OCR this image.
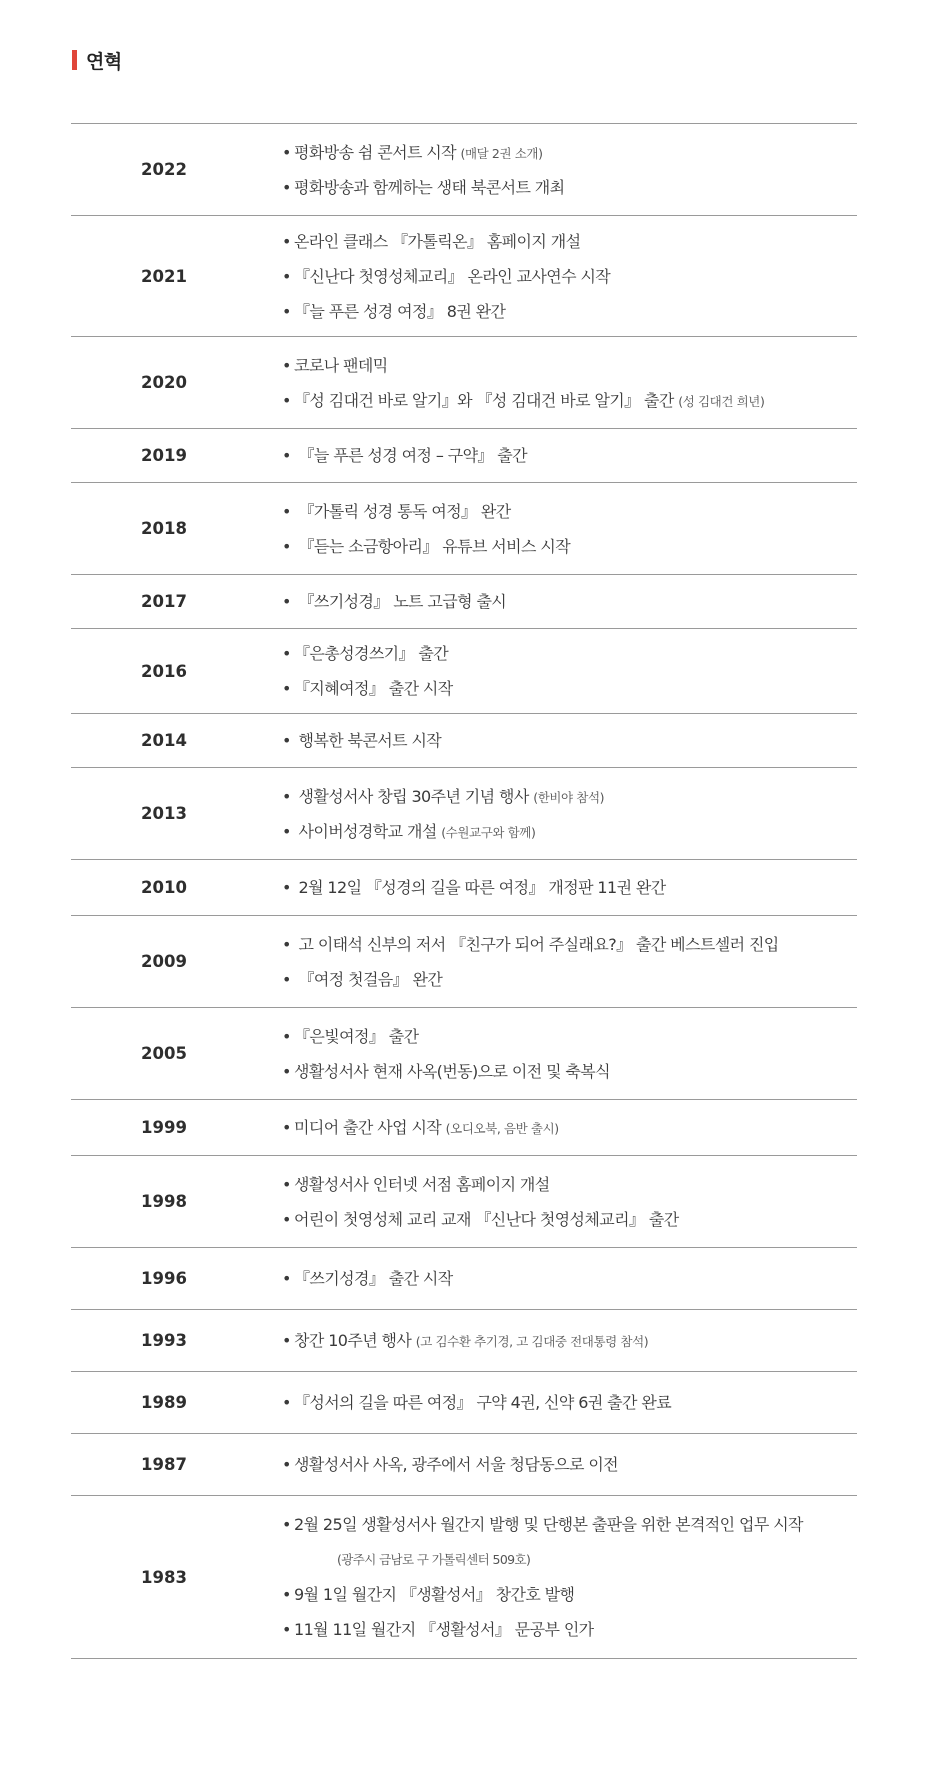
연혁
2022
• 평화방송 쉼 콘서트 시작 (매달 2권 소개)
• 평화방송과 함께하는 생태 북콘서트 개최
2021
• 온라인 클래스 『가톨릭온』 홈페이지 개설
• 『신난다 첫영성체교리』 온라인 교사연수 시작
• 『늘 푸른 성경 여정』 8권 완간
2020
• 코로나 팬데믹
• 『성 김대건 바로 알기』와 『성 김대건 바로 알기』 출간 (성 김대건 희년)
2019	• 『늘 푸른 성경 여정 – 구약』 출간
2018
• 『가톨릭 성경 통독 여정』 완간
• 『듣는 소금항아리』 유튜브 서비스 시작
2017	• 『쓰기성경』 노트 고급형 출시
2016
• 『은총성경쓰기』 출간
• 『지혜여정』 출간 시작
2014	• 행복한 북콘서트 시작
2013
• 생활성서사 창립 30주년 기념 행사 (한비야 참석)
• 사이버성경학교 개설 (수원교구와 함께)
2010	• 2월 12일 『성경의 길을 따른 여정』 개정판 11권 완간
2009
• 고 이태석 신부의 저서 『친구가 되어 주실래요?』 출간 베스트셀러 진입
• 『여정 첫걸음』 완간
2005
• 『은빛여정』 출간
• 생활성서사 현재 사옥(번동)으로 이전 및 축복식
1999	• 미디어 출간 사업 시작 (오디오북, 음반 출시)
1998
• 생활성서사 인터넷 서점 홈페이지 개설
• 어린이 첫영성체 교리 교재 『신난다 첫영성체교리』 출간
1996	• 『쓰기성경』 출간 시작
1993	• 창간 10주년 행사 (고 김수환 추기경, 고 김대중 전대통령 참석)
1989	• 『성서의 길을 따른 여정』 구약 4권, 신약 6권 출간 완료
1987	• 생활성서사 사옥, 광주에서 서울 청담동으로 이전
1983
• 2월 25일 생활성서사 월간지 발행 및 단행본 출판을 위한 본격적인 업무 시작
(광주시 금남로 구 가톨릭센터 509호)
• 9월 1일 월간지 『생활성서』 창간호 발행
• 11월 11일 월간지 『생활성서』 문공부 인가
